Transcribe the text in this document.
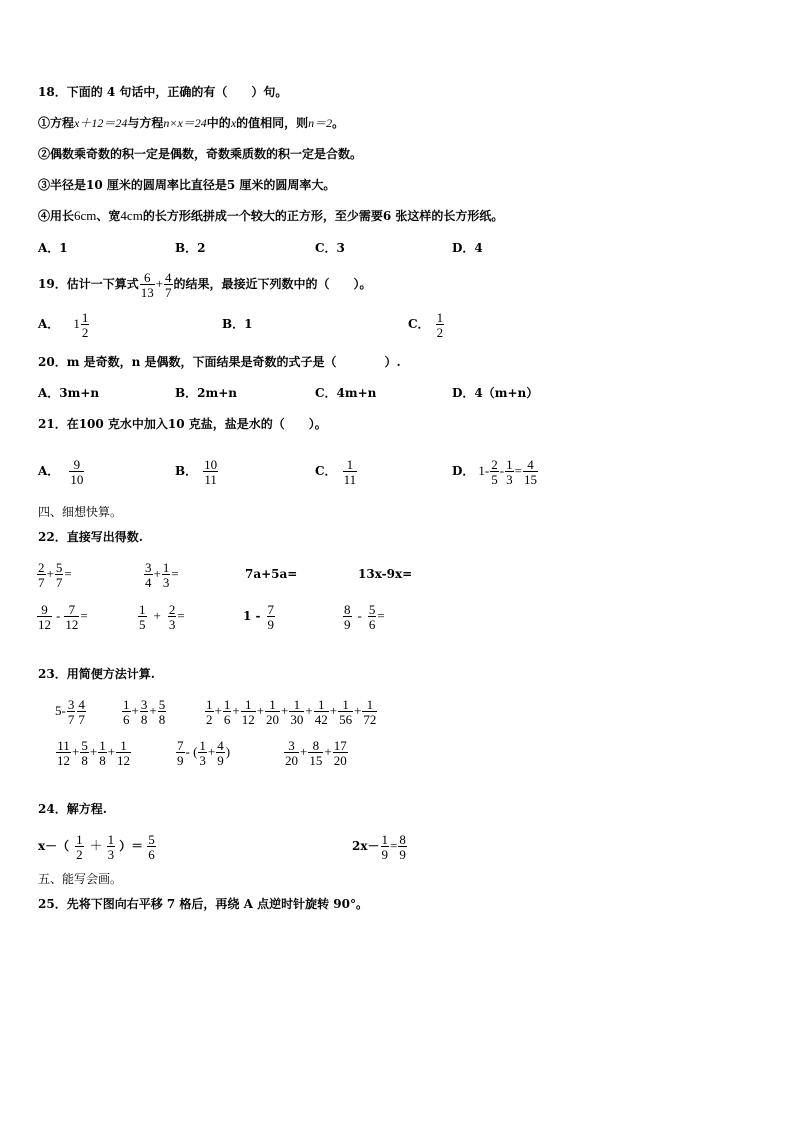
18．下面的 4 句话中，正确的有（　　）句。
①方程x＋12＝24与方程n×x＝24中的x的值相同，则n＝2。
②偶数乘奇数的积一定是偶数，奇数乘质数的积一定是合数。
③半径是10 厘米的圆周率比直径是5 厘米的圆周率大。
④用长6cm、宽4cm的长方形纸拼成一个较大的正方形，至少需要6 张这样的长方形纸。
A．1	B．2	C．3	D．4
19．估计一下算式 $\frac{6}{13} + \frac{4}{7}$ 的结果，最接近下列数中的（　　）。
A． $1 \frac{1}{2}$	B．1	C． $\frac{1}{2}$
20．m 是奇数，n 是偶数，下面结果是奇数的式子是（　　　　）.
A．3m+n	B．2m+n	C．4m+n	D．4（m+n）
21．在100 克水中加入10 克盐，盐是水的（　　）。
A． $\frac{9}{10}$	B． $\frac{10}{11}$	C． $\frac{1}{11}$	D． $1- \frac{2}{5} - \frac{1}{3} = \frac{4}{15}$
四、细想快算。
22．直接写出得数.
$\frac{2}{7} + \frac{5}{7}$ =	$\frac{3}{4} + \frac{1}{3}$ =	7a+5a=	13x-9x=
$\frac{9}{12} - \frac{7}{12}$ =	$\frac{1}{5} + \frac{2}{3}$ =	$1 - \frac{7}{9}$	$\frac{8}{9} - \frac{5}{6}$ =
23．用简便方法计算.
$5- \frac{3}{7} \frac{4}{7}$	$\frac{1}{6} + \frac{3}{8} + \frac{5}{8}$	$\frac{1}{2} + \frac{1}{6} + \frac{1}{12} + \frac{1}{20} + \frac{1}{30} + \frac{1}{42} + \frac{1}{56} + \frac{1}{72}$
$\frac{11}{12} + \frac{5}{8} + \frac{1}{8} + \frac{1}{12}$	$\frac{7}{9}$ - ( $\frac{1}{3} + \frac{4}{9}$ )	$\frac{3}{20} + \frac{8}{15} + \frac{17}{20}$
24．解方程.
$x-( \frac{1}{2} + \frac{1}{3}$ ）＝ $\frac{5}{6}$	$2x- \frac{1}{9} = \frac{8}{9}$
五、能写会画。
25．先将下图向右平移 7 格后，再绕 A 点逆时针旋转 90°。
